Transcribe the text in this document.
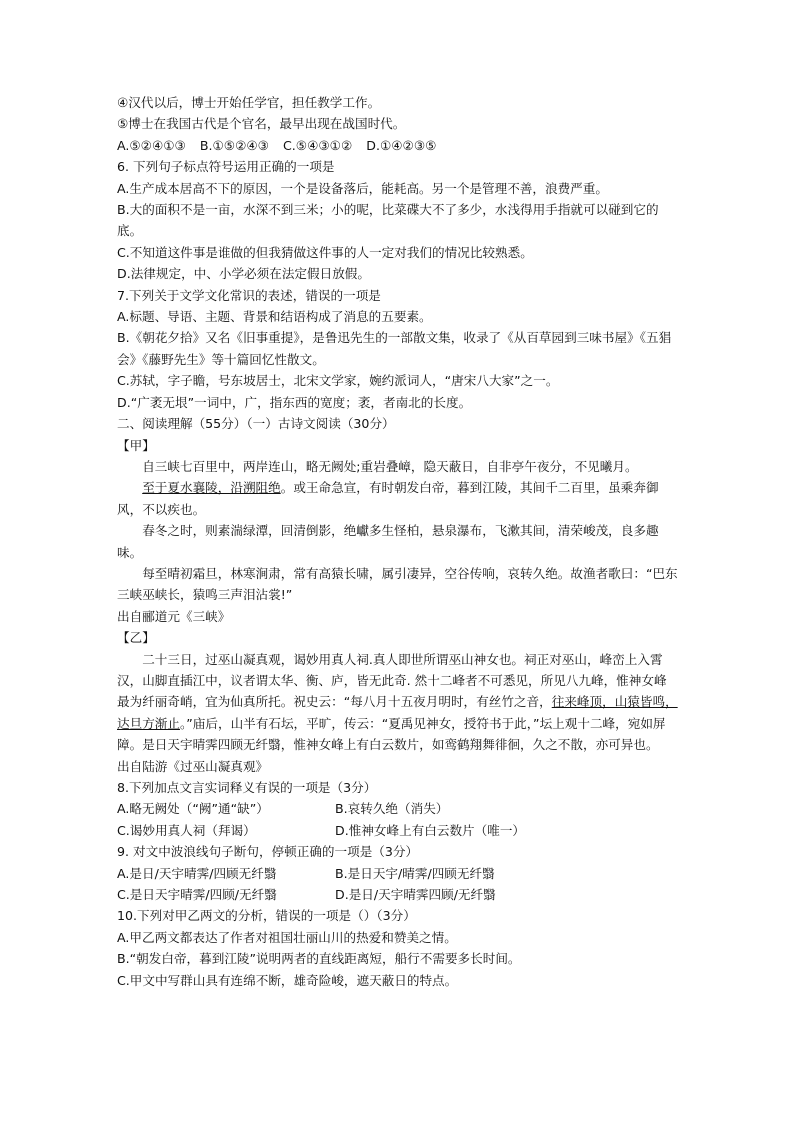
④汉代以后，博士开始任学官，担任教学工作。
⑤博士在我国古代是个官名，最早出现在战国时代。
A.⑤②④①③ B.①⑤②④③ C.⑤④③①② D.①④②③⑤
6. 下列句子标点符号运用正确的一项是
A.生产成本居高不下的原因，一个是设备落后，能耗高。另一个是管理不善，浪费严重。
B.大的面积不是一亩，水深不到三米；小的呢，比菜碟大不了多少，水浅得用手指就可以碰到它的底。
C.不知道这件事是谁做的但我猜做这件事的人一定对我们的情况比较熟悉。
D.法律规定，中、小学必须在法定假日放假。
7.下列关于文学文化常识的表述，错误的一项是
A.标题、导语、主题、背景和结语构成了消息的五要素。
B.《朝花夕拾》又名《旧事重提》，是鲁迅先生的一部散文集，收录了《从百草园到三味书屋》《五猖会》《藤野先生》等十篇回忆性散文。
C.苏轼，字子瞻，号东坡居士，北宋文学家，婉约派词人，“唐宋八大家”之一。
D.“广袤无垠”一词中，广，指东西的宽度；袤，者南北的长度。
二、阅读理解（55分）（一）古诗文阅读（30分）
【甲】
自三峡七百里中，两岸连山，略无阙处;重岩叠嶂，隐天蔽日，自非亭午夜分，不见曦月。
至于夏水襄陵，沿溯阻绝。或王命急宣，有时朝发白帝，暮到江陵，其间千二百里，虽乘奔御风，不以疾也。
春冬之时，则素湍绿潭，回清倒影，绝巘多生怪柏，悬泉瀑布，飞漱其间，清荣峻茂，良多趣味。
每至晴初霜旦，林寒涧肃，常有高猿长啸，属引凄异，空谷传响，哀转久绝。故渔者歌曰：“巴东三峡巫峡长，猿鸣三声泪沾裳!”
出自郦道元《三峡》
【乙】
二十三日，过巫山凝真观，谒妙用真人祠.真人即世所谓巫山神女也。祠正对巫山，峰峦上入霄汉，山脚直插江中，议者谓太华、衡、庐，皆无此奇. 然十二峰者不可悉见，所见八九峰，惟神女峰最为纤丽奇峭，宜为仙真所托。祝史云：“每八月十五夜月明时，有丝竹之音，往来峰顶，山猿皆鸣，达旦方渐止。”庙后，山半有石坛，平旷，传云：“夏禹见神女，授符书于此，”坛上观十二峰，宛如屏障。是日天宇晴霁四顾无纤翳，惟神女峰上有白云数片，如鸾鹤翔舞徘徊，久之不散，亦可异也。
出自陆游《过巫山凝真观》
8.下列加点文言实词释义有误的一项是（3分）
A.略无阙处（“阙”通“缺”）	B.哀转久绝（消失）
C.谒妙用真人祠（拜谒）	D.惟神女峰上有白云数片（唯一）
9. 对文中波浪线句子断句，停顿正确的一项是（3分）
A.是日/天宇晴霁/四顾无纤翳	B.是日天宇/晴霁/四顾无纤翳
C.是日天宇晴霁/四顾/无纤翳	D.是日/天宇晴霁四顾/无纤翳
10.下列对甲乙两文的分析，错误的一项是（）（3分）
A.甲乙两文都表达了作者对祖国壮丽山川的热爱和赞美之情。
B.“朝发白帝，暮到江陵”说明两者的直线距离短，船行不需要多长时间。
C.甲文中写群山具有连绵不断，雄奇险峻，遮天蔽日的特点。
